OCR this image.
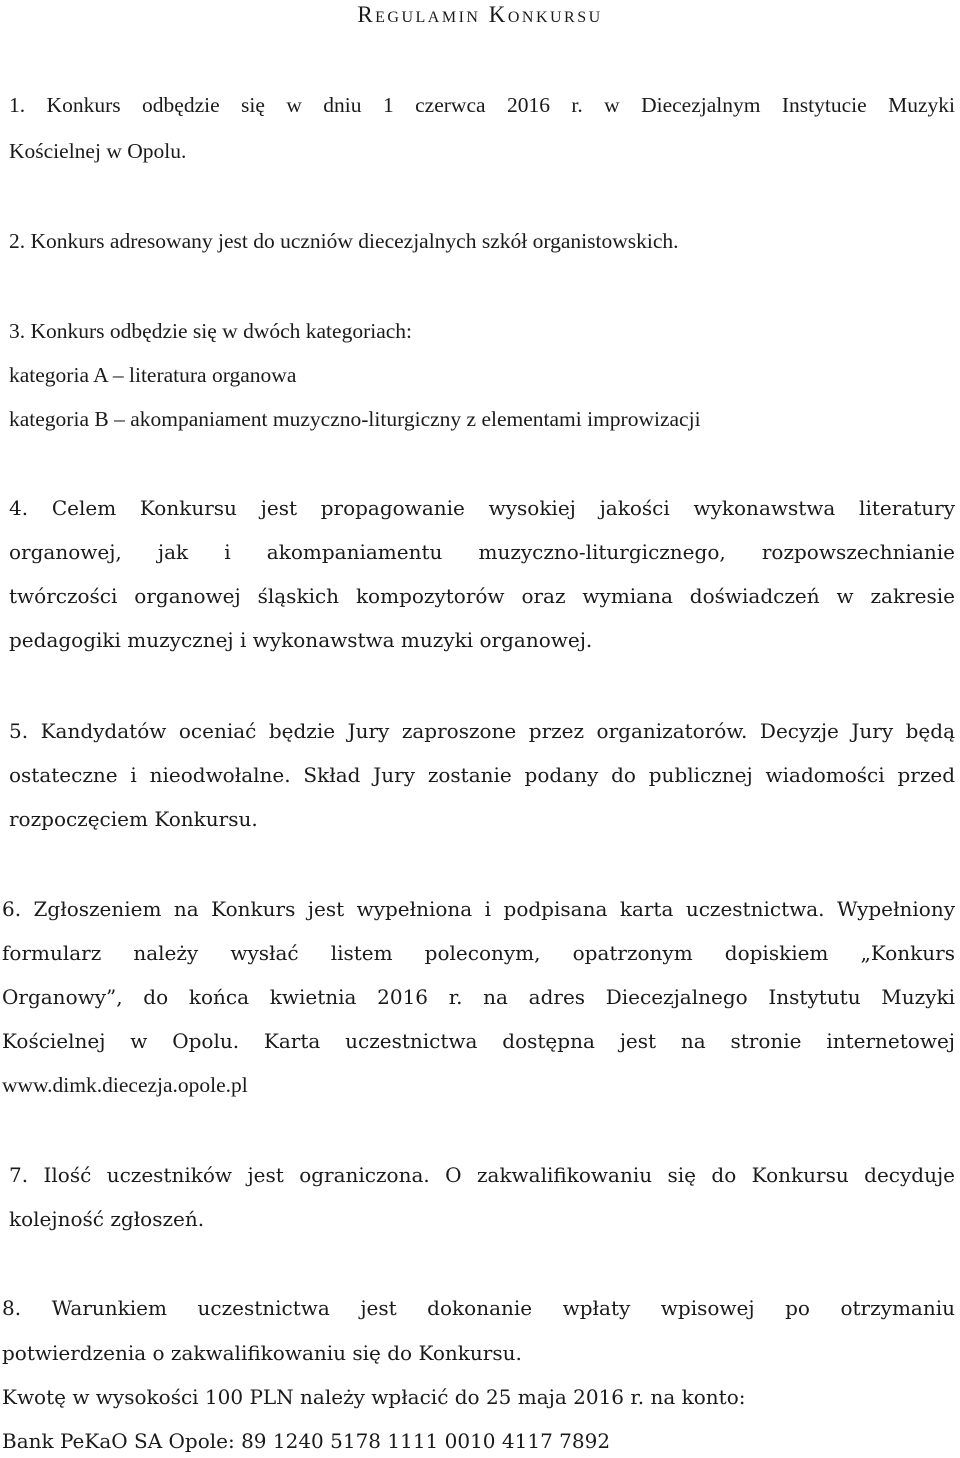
Regulamin Konkursu
1. Konkurs odbędzie się w dniu 1 czerwca 2016 r. w Diecezjalnym Instytucie Muzyki
Kościelnej w Opolu.
2. Konkurs adresowany jest do uczniów diecezjalnych szkół organistowskich.
3. Konkurs odbędzie się w dwóch kategoriach:
kategoria A – literatura organowa
kategoria B – akompaniament muzyczno-liturgiczny z elementami improwizacji
4. Celem Konkursu jest propagowanie wysokiej jakości wykonawstwa literatury
organowej, jak i akompaniamentu muzyczno-liturgicznego, rozpowszechnianie
twórczości organowej śląskich kompozytorów oraz wymiana doświadczeń w zakresie
pedagogiki muzycznej i wykonawstwa muzyki organowej.
5. Kandydatów oceniać będzie Jury zaproszone przez organizatorów. Decyzje Jury będą
ostateczne i nieodwołalne. Skład Jury zostanie podany do publicznej wiadomości przed
rozpoczęciem Konkursu.
6. Zgłoszeniem na Konkurs jest wypełniona i podpisana karta uczestnictwa. Wypełniony
formularz należy wysłać listem poleconym, opatrzonym dopiskiem „Konkurs
Organowy”, do końca kwietnia 2016 r. na adres Diecezjalnego Instytutu Muzyki
Kościelnej w Opolu. Karta uczestnictwa dostępna jest na stronie internetowej
www.dimk.diecezja.opole.pl
7. Ilość uczestników jest ograniczona. O zakwalifikowaniu się do Konkursu decyduje
kolejność zgłoszeń.
8. Warunkiem uczestnictwa jest dokonanie wpłaty wpisowej po otrzymaniu
potwierdzenia o zakwalifikowaniu się do Konkursu.
Kwotę w wysokości 100 PLN należy wpłacić do 25 maja 2016 r. na konto:
Bank PeKaO SA Opole: 89 1240 5178 1111 0010 4117 7892
